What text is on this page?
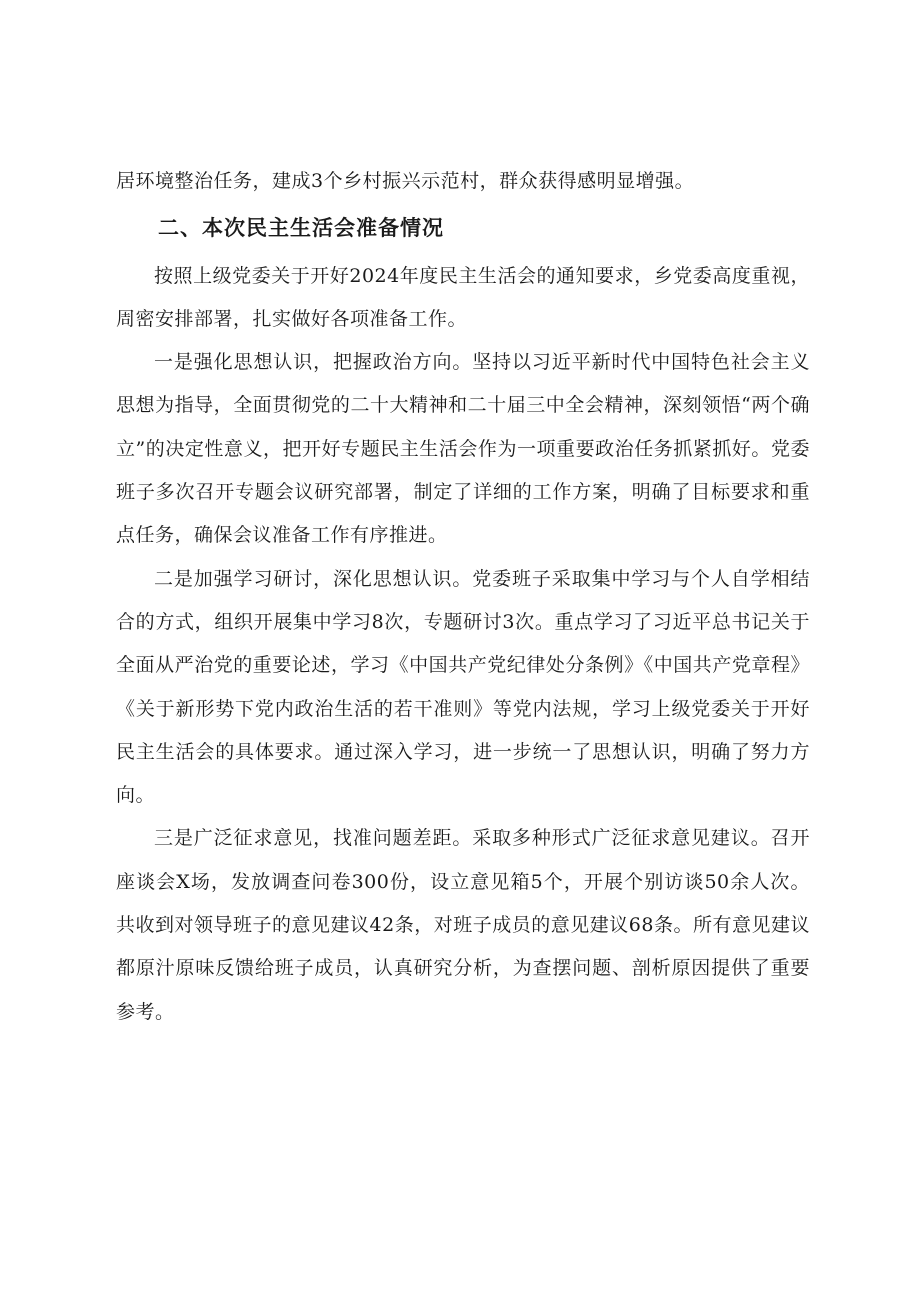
居环境整治任务，建成3个乡村振兴示范村，群众获得感明显增强。

二、本次民主生活会准备情况

按照上级党委关于开好2024年度民主生活会的通知要求，乡党委高度重视，周密安排部署，扎实做好各项准备工作。

一是强化思想认识，把握政治方向。坚持以习近平新时代中国特色社会主义思想为指导，全面贯彻党的二十大精神和二十届三中全会精神，深刻领悟“两个确立”的决定性意义，把开好专题民主生活会作为一项重要政治任务抓紧抓好。党委班子多次召开专题会议研究部署，制定了详细的工作方案，明确了目标要求和重点任务，确保会议准备工作有序推进。

二是加强学习研讨，深化思想认识。党委班子采取集中学习与个人自学相结合的方式，组织开展集中学习8次，专题研讨3次。重点学习了习近平总书记关于全面从严治党的重要论述，学习《中国共产党纪律处分条例》《中国共产党章程》《关于新形势下党内政治生活的若干准则》等党内法规，学习上级党委关于开好民主生活会的具体要求。通过深入学习，进一步统一了思想认识，明确了努力方向。

三是广泛征求意见，找准问题差距。采取多种形式广泛征求意见建议。召开座谈会X场，发放调查问卷300份，设立意见箱5个，开展个别访谈50余人次。共收到对领导班子的意见建议42条，对班子成员的意见建议68条。所有意见建议都原汁原味反馈给班子成员，认真研究分析，为查摆问题、剖析原因提供了重要参考。
